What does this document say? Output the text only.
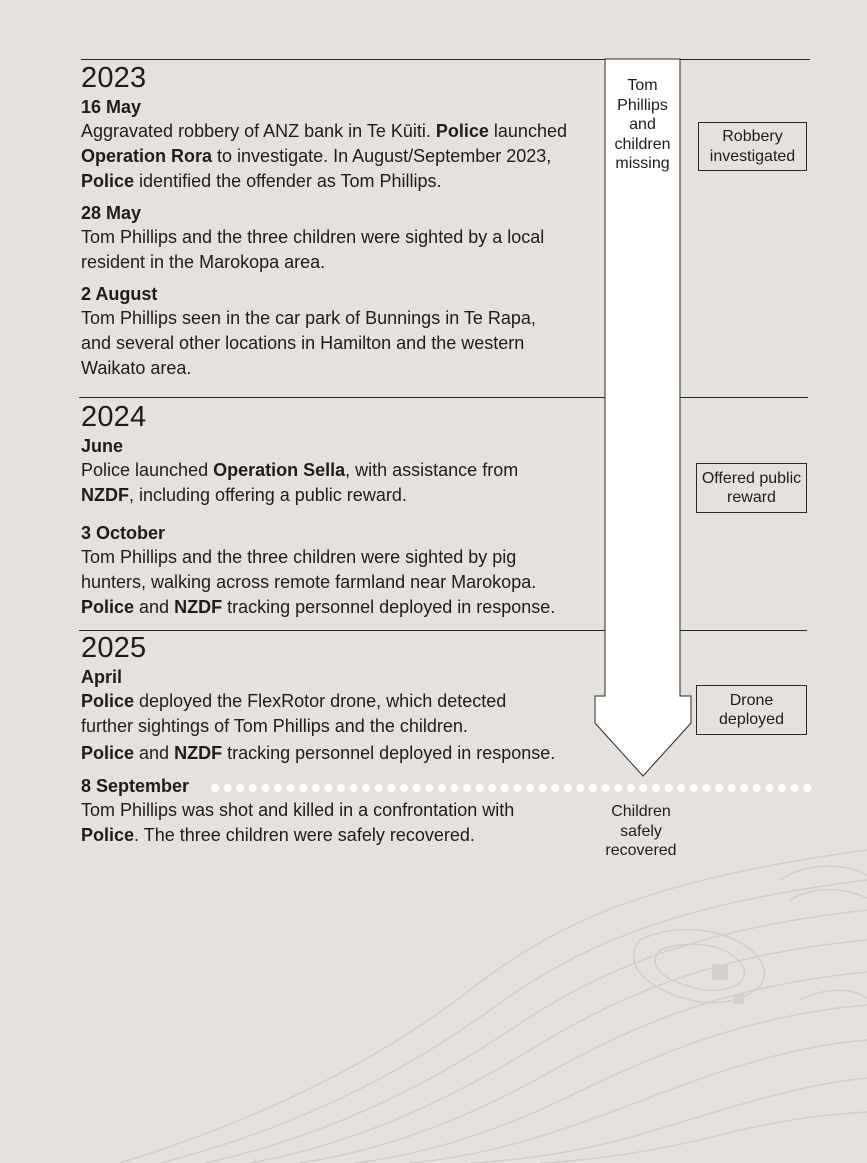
2023
2024
2025
16 May

Aggravated robbery of ANZ bank in Te Kūiti. Police launched Operation Rora to investigate. In August/September 2023, Police identified the offender as Tom Phillips.

28 May

Tom Phillips and the three children were sighted by a local resident in the Marokopa area.

2 August

Tom Phillips seen in the car park of Bunnings in Te Rapa, and several other locations in Hamilton and the western Waikato area.

June

Police launched Operation Sella, with assistance from NZDF, including offering a public reward.

3 October

Tom Phillips and the three children were sighted by pig hunters, walking across remote farmland near Marokopa. Police and NZDF tracking personnel deployed in response.

April

Police deployed the FlexRotor drone, which detected further sightings of Tom Phillips and the children.

Police and NZDF tracking personnel deployed in response.

8 September

Tom Phillips was shot and killed in a confrontation with Police. The three children were safely recovered.

Tom Phillips and children missing
Robbery investigated
Offered public reward
Drone deployed
Children safely recovered
